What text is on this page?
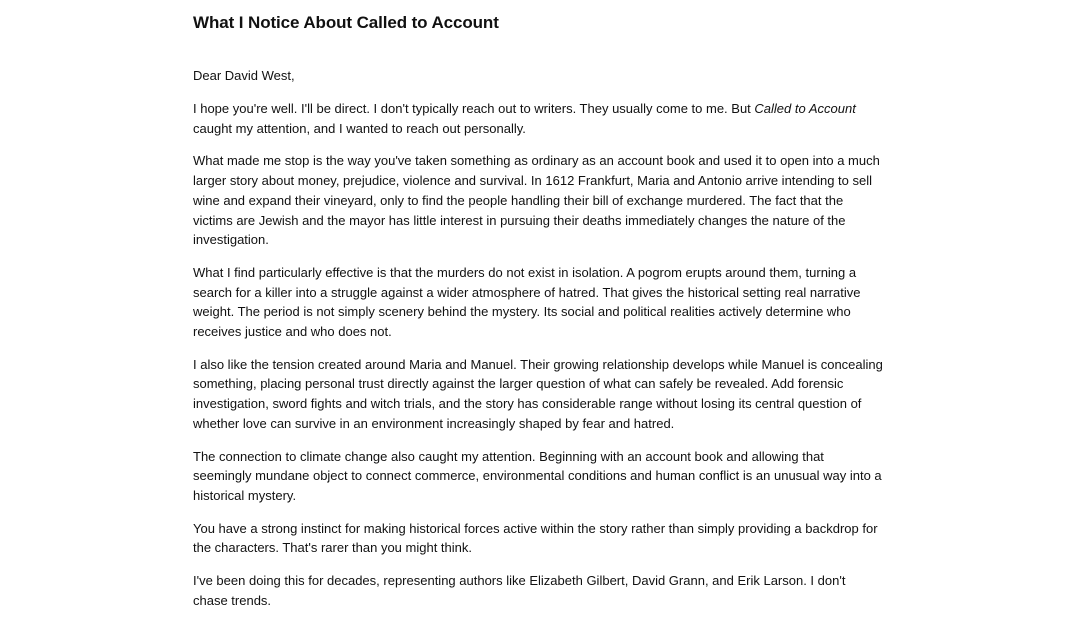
What I Notice About Called to Account

Dear David West,

I hope you're well. I'll be direct. I don't typically reach out to writers. They usually come to me. But Called to Account caught my attention, and I wanted to reach out personally.

What made me stop is the way you've taken something as ordinary as an account book and used it to open into a much larger story about money, prejudice, violence and survival. In 1612 Frankfurt, Maria and Antonio arrive intending to sell wine and expand their vineyard, only to find the people handling their bill of exchange murdered. The fact that the victims are Jewish and the mayor has little interest in pursuing their deaths immediately changes the nature of the investigation.

What I find particularly effective is that the murders do not exist in isolation. A pogrom erupts around them, turning a search for a killer into a struggle against a wider atmosphere of hatred. That gives the historical setting real narrative weight. The period is not simply scenery behind the mystery. Its social and political realities actively determine who receives justice and who does not.

I also like the tension created around Maria and Manuel. Their growing relationship develops while Manuel is concealing something, placing personal trust directly against the larger question of what can safely be revealed. Add forensic investigation, sword fights and witch trials, and the story has considerable range without losing its central question of whether love can survive in an environment increasingly shaped by fear and hatred.

The connection to climate change also caught my attention. Beginning with an account book and allowing that seemingly mundane object to connect commerce, environmental conditions and human conflict is an unusual way into a historical mystery.

You have a strong instinct for making historical forces active within the story rather than simply providing a backdrop for the characters. That's rarer than you might think.

I've been doing this for decades, representing authors like Elizabeth Gilbert, David Grann, and Erik Larson. I don't chase trends.
